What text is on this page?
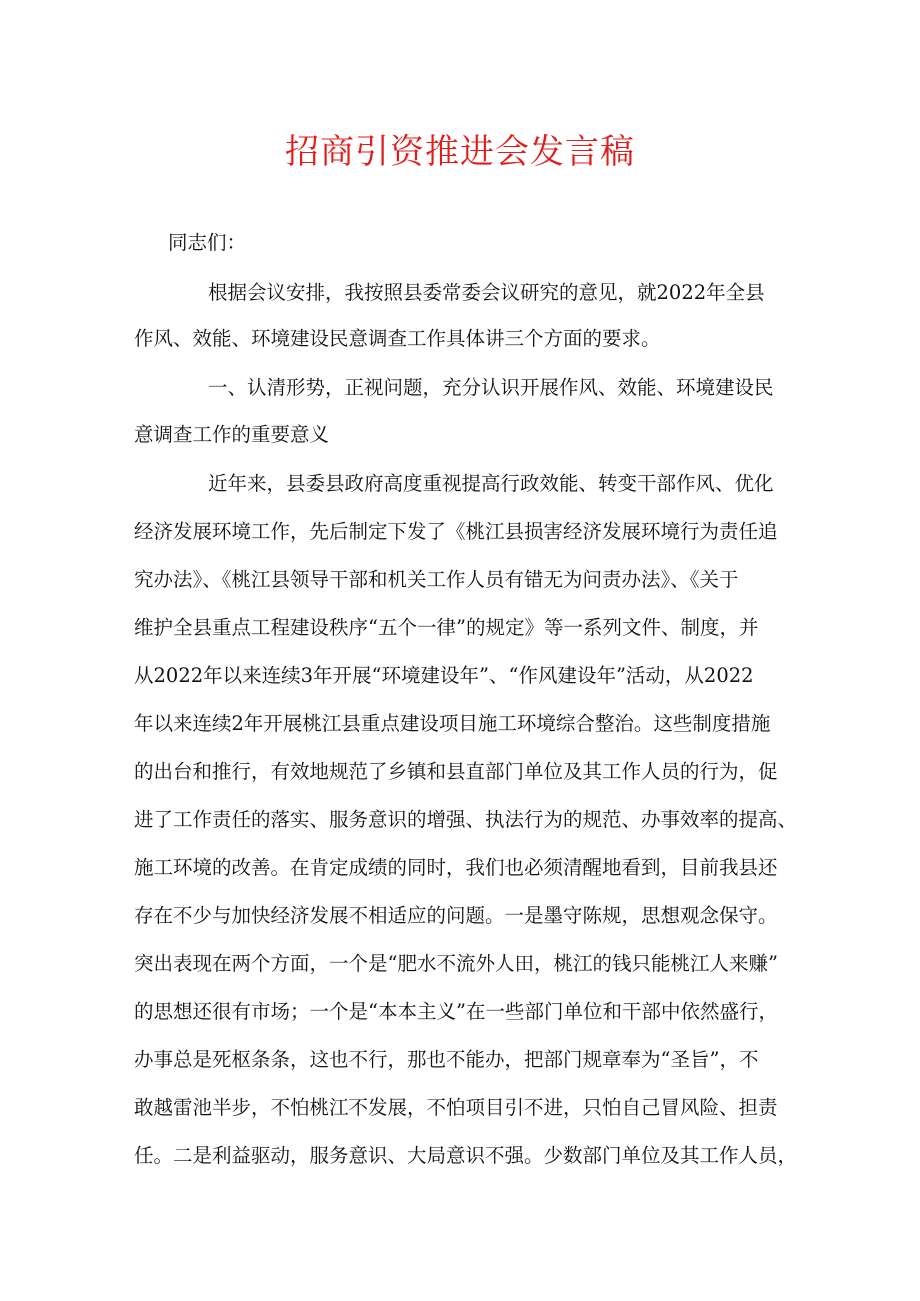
招商引资推进会发言稿
同志们：
根据会议安排，我按照县委常委会议研究的意见，就2022年全县
作风、效能、环境建设民意调查工作具体讲三个方面的要求。
一、认清形势，正视问题，充分认识开展作风、效能、环境建设民
意调查工作的重要意义
近年来，县委县政府高度重视提高行政效能、转变干部作风、优化
经济发展环境工作，先后制定下发了《桃江县损害经济发展环境行为责任追
究办法》、《桃江县领导干部和机关工作人员有错无为问责办法》、《关于
维护全县重点工程建设秩序“五个一律”的规定》等一系列文件、制度，并
从2022年以来连续3年开展“环境建设年”、“作风建设年”活动，从2022
年以来连续2年开展桃江县重点建设项目施工环境综合整治。这些制度措施
的出台和推行，有效地规范了乡镇和县直部门单位及其工作人员的行为，促
进了工作责任的落实、服务意识的增强、执法行为的规范、办事效率的提高、
施工环境的改善。在肯定成绩的同时，我们也必须清醒地看到，目前我县还
存在不少与加快经济发展不相适应的问题。一是墨守陈规，思想观念保守。
突出表现在两个方面，一个是“肥水不流外人田，桃江的钱只能桃江人来赚”
的思想还很有市场；一个是“本本主义”在一些部门单位和干部中依然盛行，
办事总是死枢条条，这也不行，那也不能办，把部门规章奉为“圣旨”，不
敢越雷池半步，不怕桃江不发展，不怕项目引不进，只怕自己冒风险、担责
任。二是利益驱动，服务意识、大局意识不强。少数部门单位及其工作人员，
